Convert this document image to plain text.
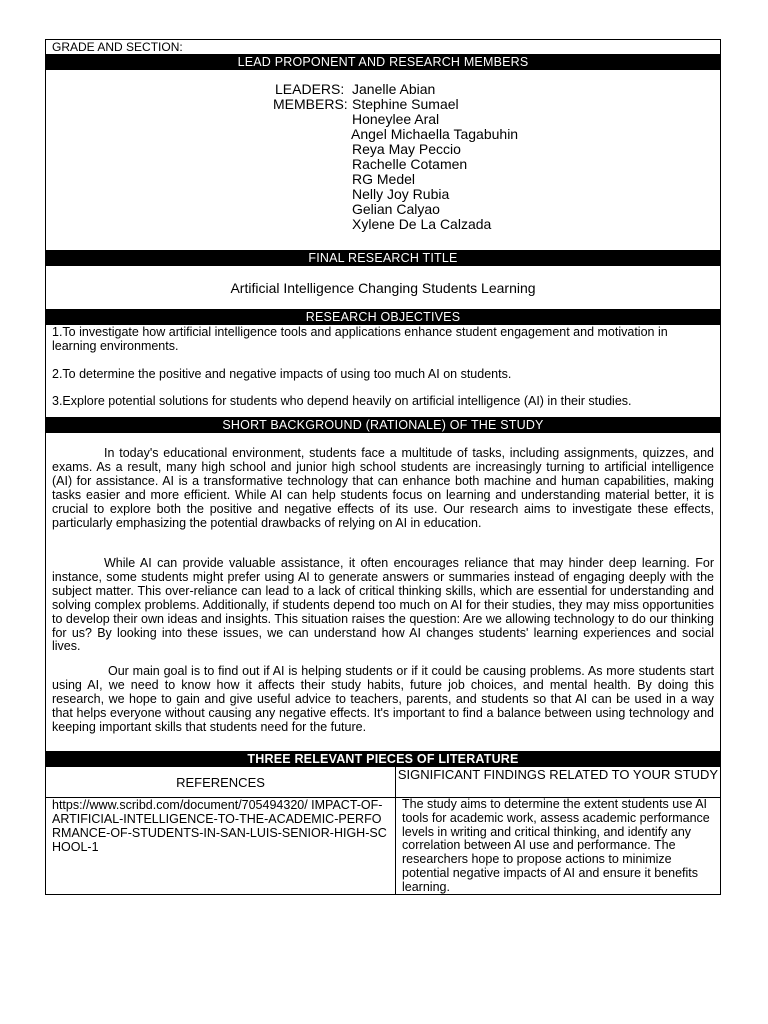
GRADE AND SECTION:
LEAD PROPONENT AND RESEARCH MEMBERS
LEADERS: Janelle Abian
MEMBERS: Stephine Sumael
Honeylee Aral
Angel Michaella Tagabuhin
Reya May Peccio
Rachelle Cotamen
RG Medel
Nelly Joy Rubia
Gelian Calyao
Xylene De La Calzada
FINAL RESEARCH TITLE
Artificial Intelligence Changing Students Learning
RESEARCH OBJECTIVES

1.To investigate how artificial intelligence tools and applications enhance student engagement and motivation in learning environments.

2.To determine the positive and negative impacts of using too much AI on students.

3.Explore potential solutions for students who depend heavily on artificial intelligence (AI) in their studies.

SHORT BACKGROUND (RATIONALE) OF THE STUDY

In today's educational environment, students face a multitude of tasks, including assignments, quizzes, and exams. As a result, many high school and junior high school students are increasingly turning to artificial intelligence (AI) for assistance. AI is a transformative technology that can enhance both machine and human capabilities, making tasks easier and more efficient. While AI can help students focus on learning and understanding material better, it is crucial to explore both the positive and negative effects of its use. Our research aims to investigate these effects, particularly emphasizing the potential drawbacks of relying on AI in education.

While AI can provide valuable assistance, it often encourages reliance that may hinder deep learning. For instance, some students might prefer using AI to generate answers or summaries instead of engaging deeply with the subject matter. This over-reliance can lead to a lack of critical thinking skills, which are essential for understanding and solving complex problems. Additionally, if students depend too much on AI for their studies, they may miss opportunities to develop their own ideas and insights. This situation raises the question: Are we allowing technology to do our thinking for us? By looking into these issues, we can understand how AI changes students' learning experiences and social lives.

Our main goal is to find out if AI is helping students or if it could be causing problems. As more students start using AI, we need to know how it affects their study habits, future job choices, and mental health. By doing this research, we hope to gain and give useful advice to teachers, parents, and students so that AI can be used in a way that helps everyone without causing any negative effects. It's important to find a balance between using technology and keeping important skills that students need for the future.

THREE RELEVANT PIECES OF LITERATURE
REFERENCES	SIGNIFICANT FINDINGS RELATED TO YOUR STUDY
https://www.scribd.com/document/705494320/ IMPACT-OF-ARTIFICIAL-INTELLIGENCE-TO-THE-ACADEMIC-PERFORMANCE-OF-STUDENTS-IN-SAN-LUIS-SENIOR-HIGH-SCHOOL-1
The study aims to determine the extent students use AI tools for academic work, assess academic performance levels in writing and critical thinking, and identify any correlation between AI use and performance. The researchers hope to propose actions to minimize potential negative impacts of AI and ensure it benefits learning.
